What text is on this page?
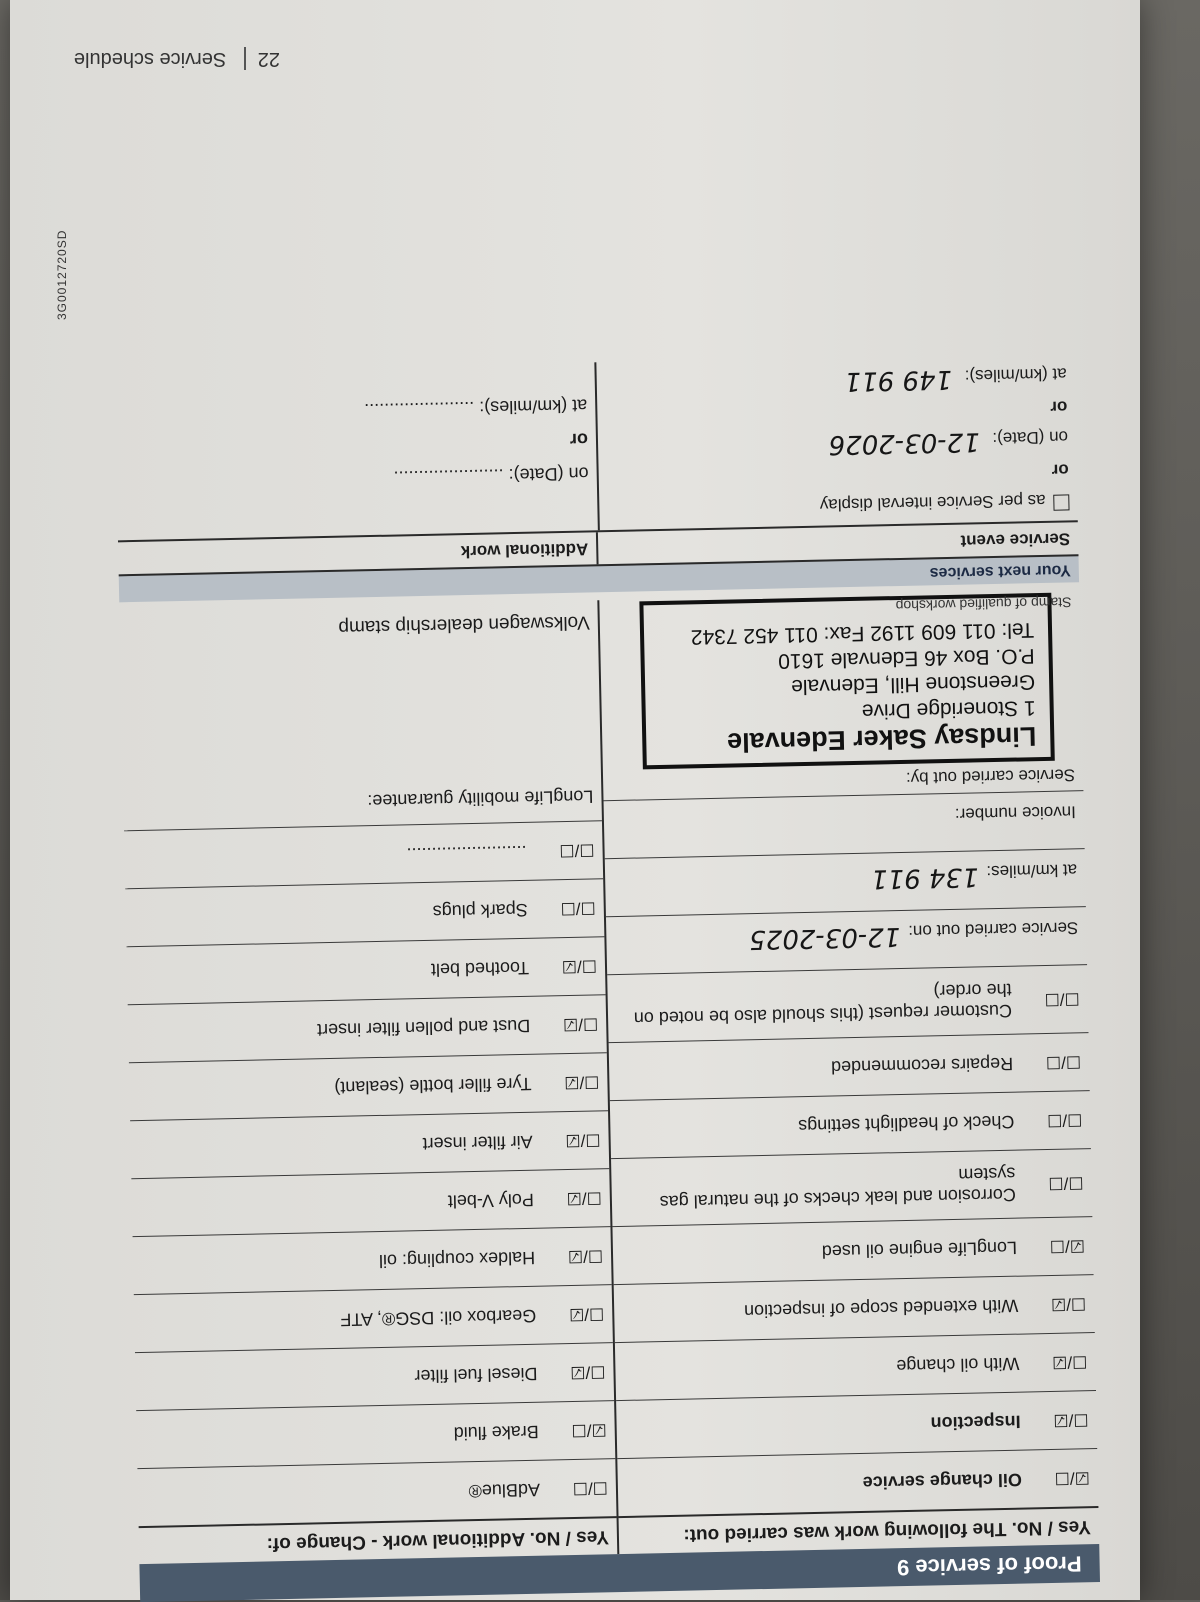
3G0012720SD
Proof of service 9
Yes / No. The following work was carried out:
☑/☐
Oil change service
☐/☑
Inspection
☐/☑
With oil change
☐/☑
With extended scope of inspection
☑/☐
LongLife engine oil used
☐/☐
Corrosion and leak checks of the natural gas system
☐/☐
Check of headlight settings
☐/☐
Repairs recommended
☐/☐
Customer request (this should also be noted on the order)
Service carried out on:
12-03-2025
at km/miles:
134 911
Invoice number:
Service carried out by:
Lindsay Saker Edenvale
1 Stoneridge Drive
Greenstone Hill, Edenvale
P.O. Box 46 Edenvale 1610
Tel: 011 609 1192 Fax: 011 452 7342
Stamp of qualified workshop
Yes / No. Additional work - Change of:
☐/☐
AdBlue®
☑/☐
Brake fluid
☐/☑
Diesel fuel filter
☐/☑
Gearbox oil: DSG®, ATF
☐/☑
Haldex coupling: oil
☐/☑
Poly V-belt
☐/☑
Air filter insert
☐/☑
Tyre filler bottle (sealant)
☐/☑
Dust and pollen filter insert
☐/☑
Toothed belt
☐/☐
Spark plugs
☐/☐
........................
LongLife mobility guarantee:
Volkswagen dealership stamp
Your next services
Service event
Additional work
as per Service interval display
or
on (Date): 12-03-2026
or
at (km/miles): 149 911
on (Date): ......................
or
at (km/miles): ......................
22 Service schedule
